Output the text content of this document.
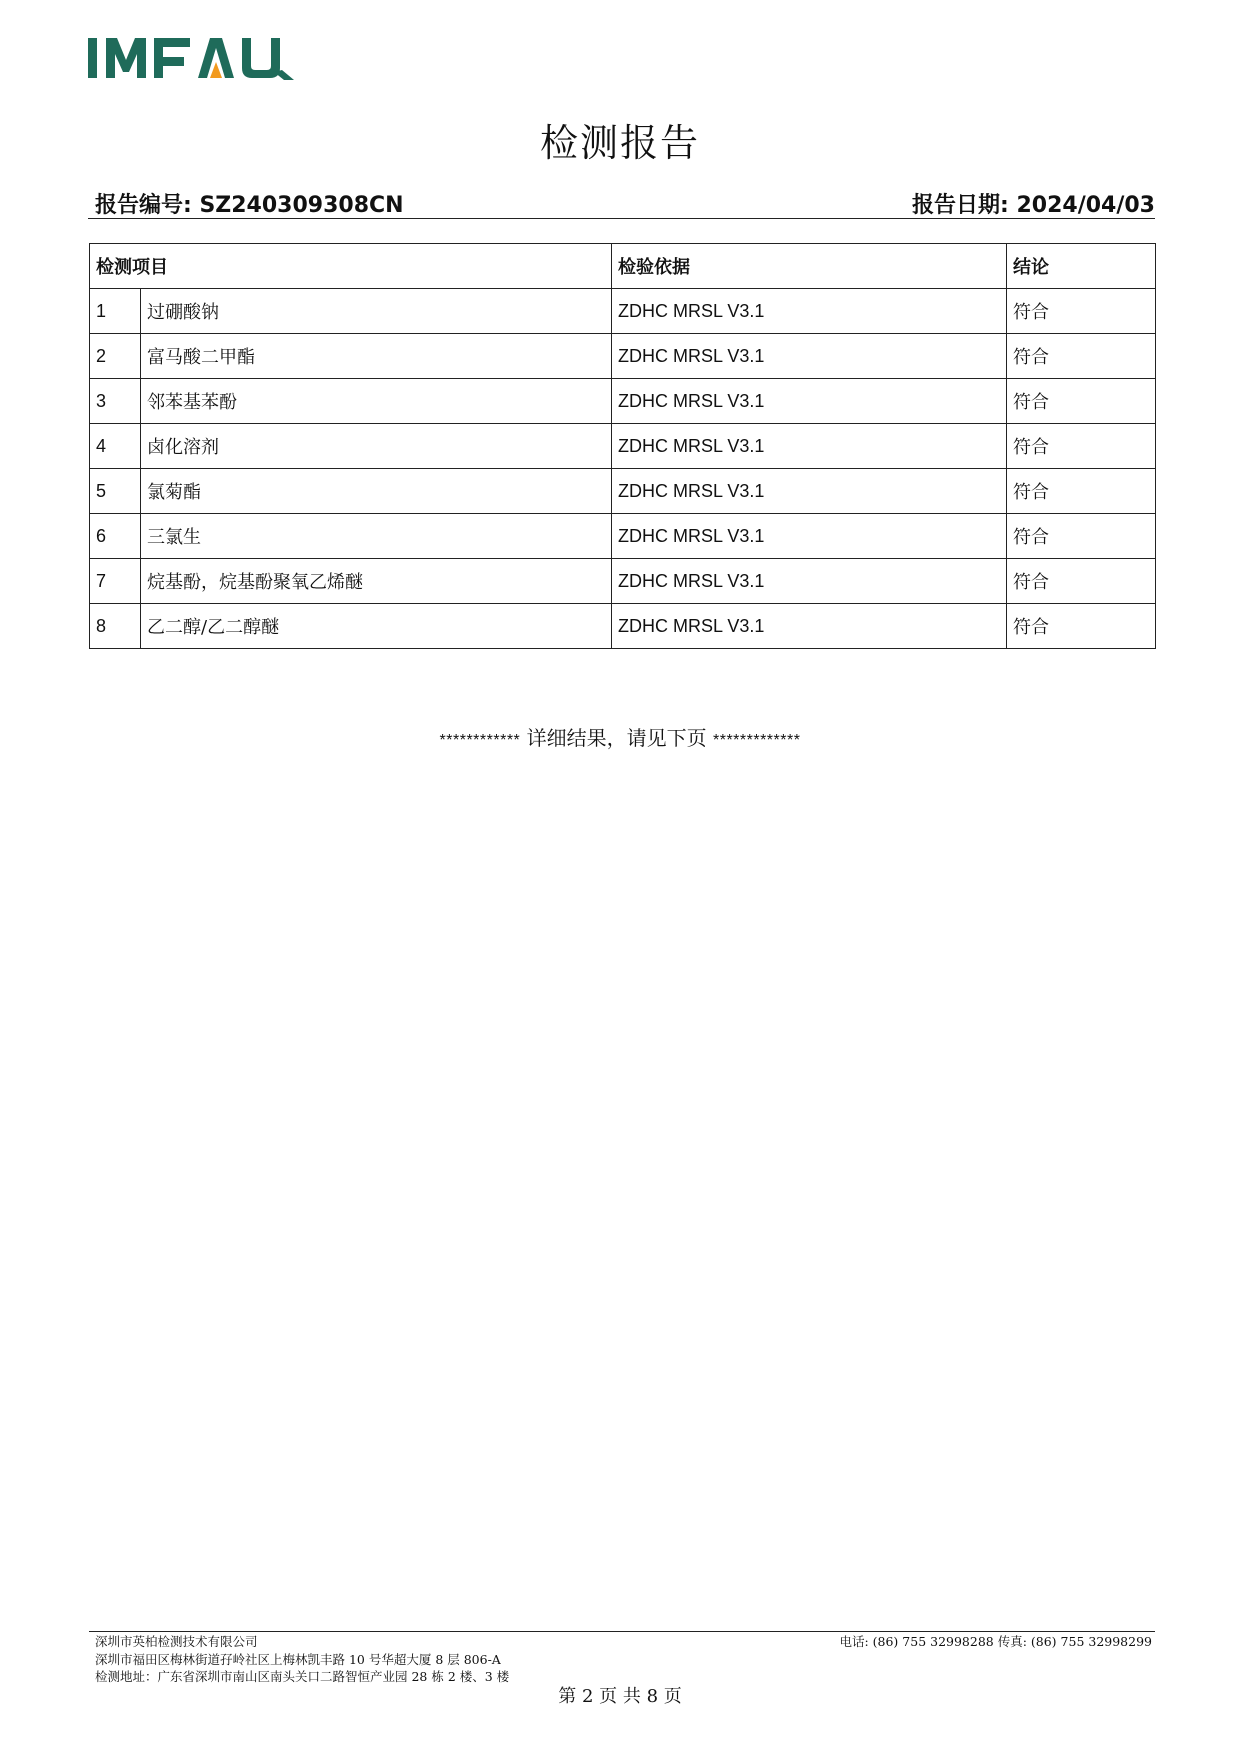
检测报告
报告编号: SZ240309308CN	报告日期: 2024/04/03
检测项目		检验依据	结论
1	过硼酸钠	ZDHC MRSL V3.1	符合
2	富马酸二甲酯	ZDHC MRSL V3.1	符合
3	邻苯基苯酚	ZDHC MRSL V3.1	符合
4	卤化溶剂	ZDHC MRSL V3.1	符合
5	氯菊酯	ZDHC MRSL V3.1	符合
6	三氯生	ZDHC MRSL V3.1	符合
7	烷基酚，烷基酚聚氧乙烯醚	ZDHC MRSL V3.1	符合
8	乙二醇/乙二醇醚	ZDHC MRSL V3.1	符合
************ 详细结果，请见下页 *************
深圳市英柏检测技术有限公司
深圳市福田区梅林街道孖岭社区上梅林凯丰路 10 号华超大厦 8 层 806-A
检测地址：广东省深圳市南山区南头关口二路智恒产业园 28 栋 2 楼、3 楼
电话: (86) 755 32998288 传真: (86) 755 32998299
第 2 页 共 8 页
